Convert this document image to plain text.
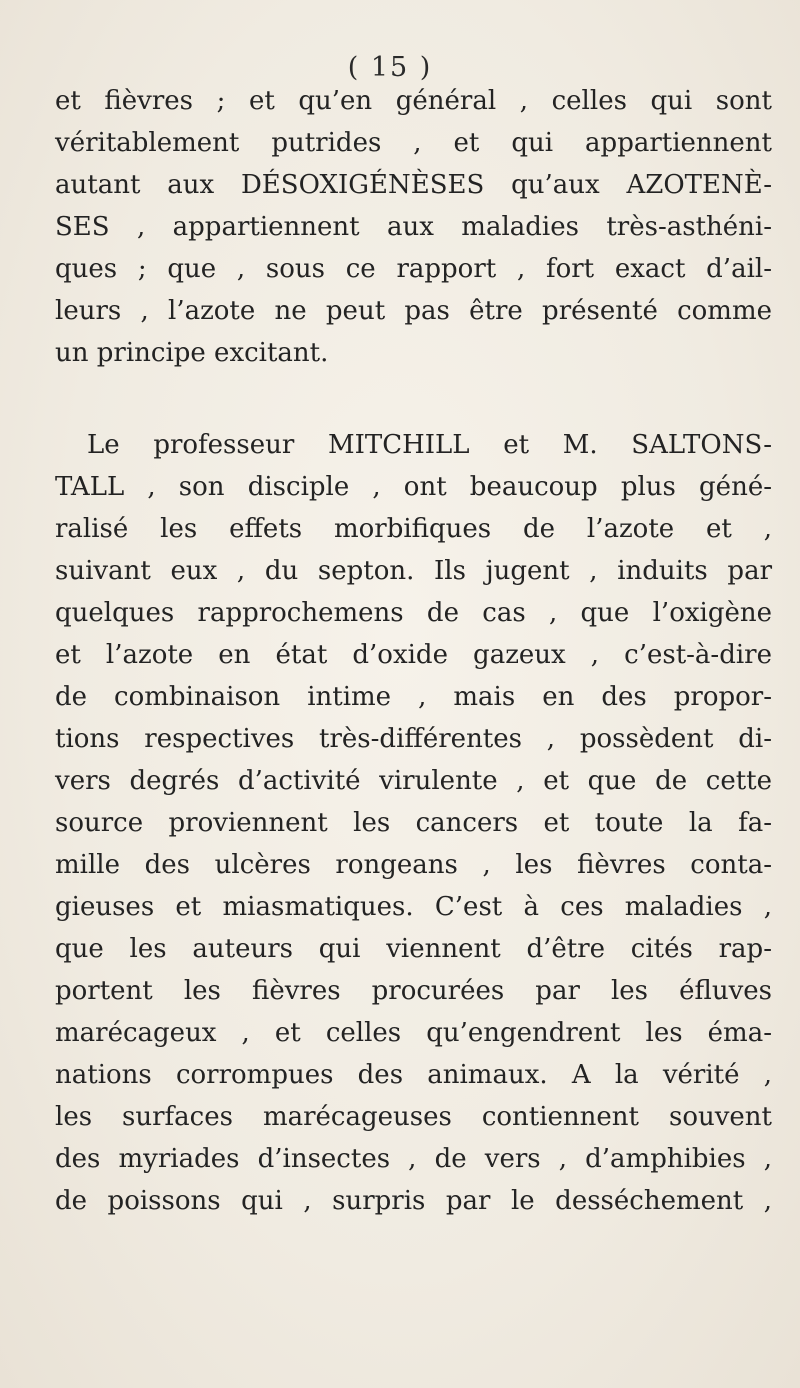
( 15 )
et fièvres ; et qu’en général , celles qui sont
véritablement putrides , et qui appartiennent
autant aux DÉSOXIGÉNÈSES qu’aux AZOTENÈ-
SES , appartiennent aux maladies très-asthéni-
ques ; que , sous ce rapport , fort exact d’ail-
leurs , l’azote ne peut pas être présenté comme
un principe excitant.
Le professeur MITCHILL et M. SALTONS-
TALL , son disciple , ont beaucoup plus géné-
ralisé les effets morbifiques de l’azote et ,
suivant eux , du septon. Ils jugent , induits par
quelques rapprochemens de cas , que l’oxigène
et l’azote en état d’oxide gazeux , c’est-à-dire
de combinaison intime , mais en des propor-
tions respectives très-différentes , possèdent di-
vers degrés d’activité virulente , et que de cette
source proviennent les cancers et toute la fa-
mille des ulcères rongeans , les fièvres conta-
gieuses et miasmatiques. C’est à ces maladies ,
que les auteurs qui viennent d’être cités rap-
portent les fièvres procurées par les éfluves
marécageux , et celles qu’engendrent les éma-
nations corrompues des animaux. A la vérité ,
les surfaces marécageuses contiennent souvent
des myriades d’insectes , de vers , d’amphibies ,
de poissons qui , surpris par le desséchement ,
